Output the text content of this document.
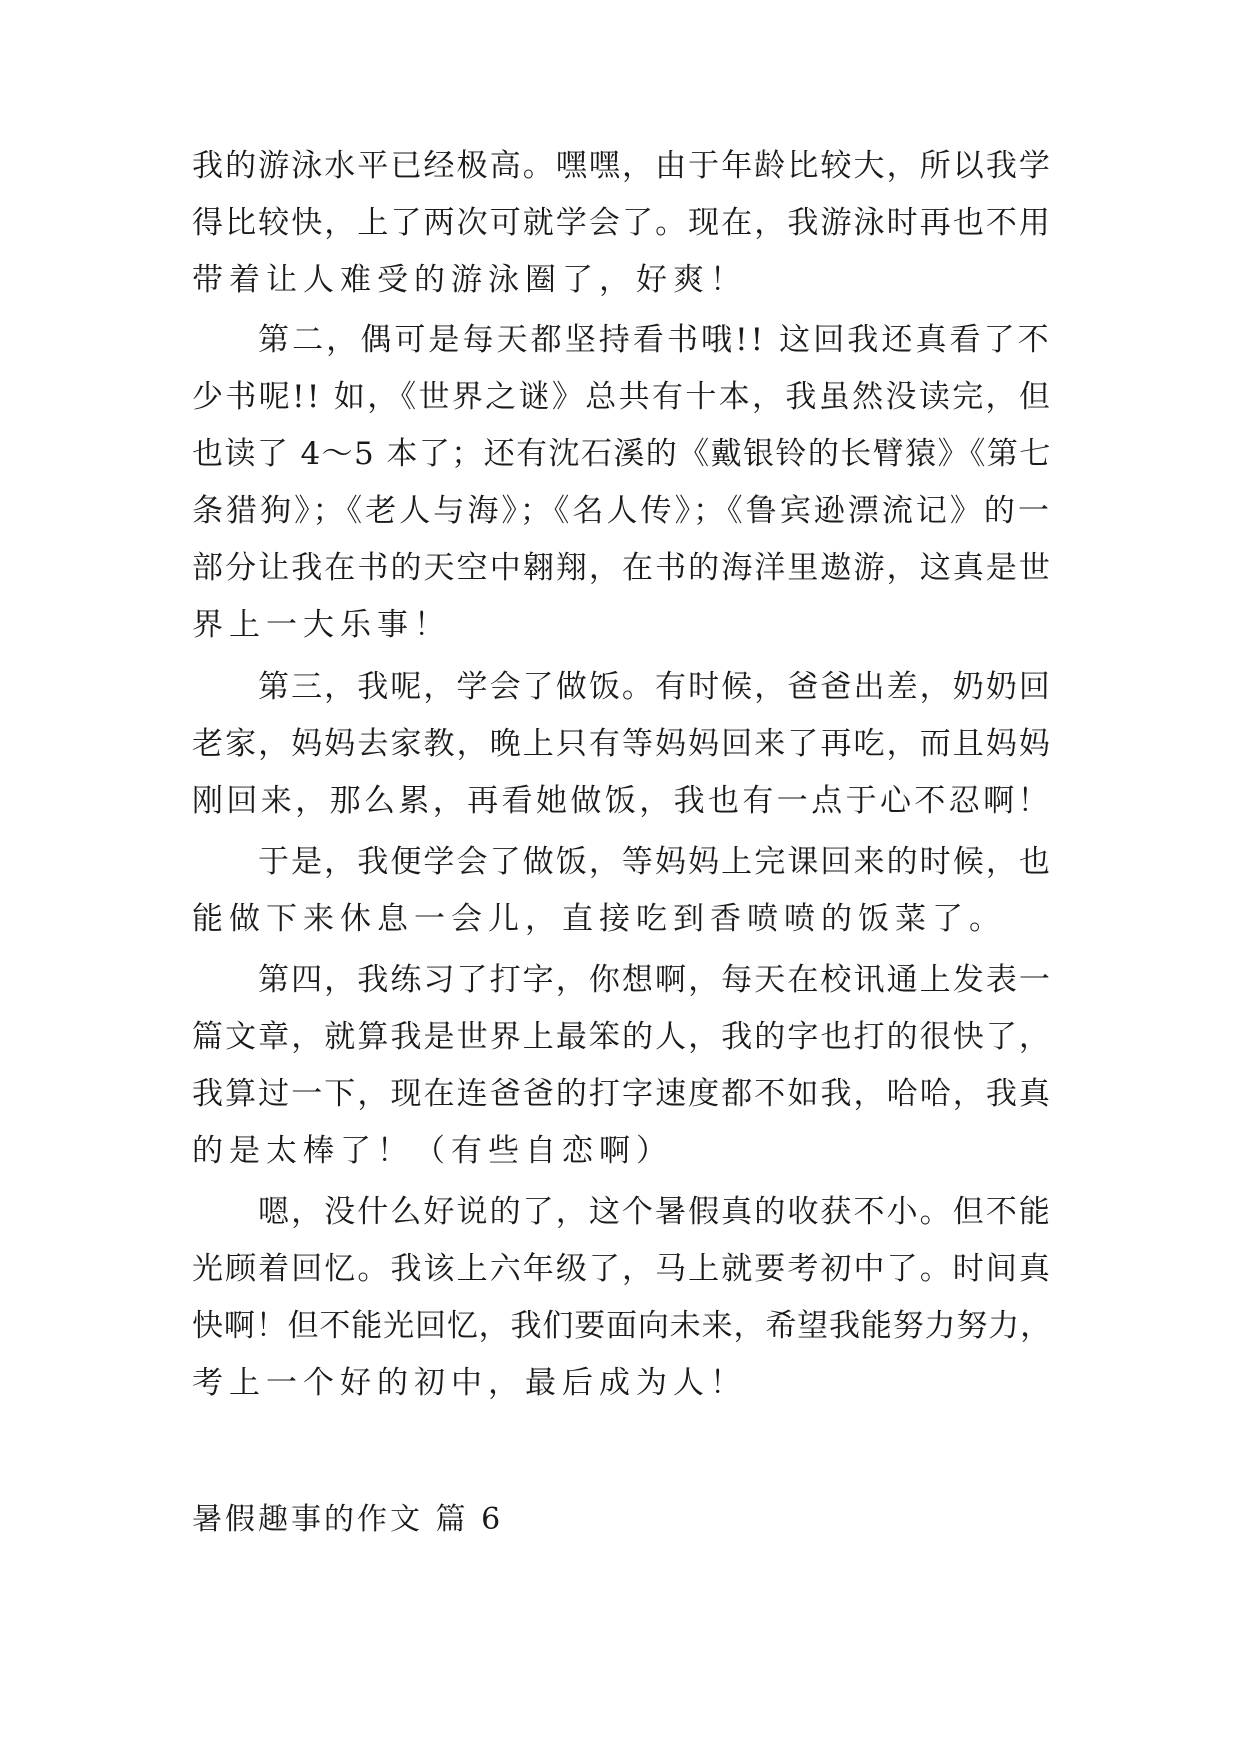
我的游泳水平已经极高。嘿嘿，由于年龄比较大，所以我学
得比较快，上了两次可就学会了。现在，我游泳时再也不用
带着让人难受的游泳圈了，好爽！
第二，偶可是每天都坚持看书哦!! 这回我还真看了不
少书呢!! 如，《世界之谜》总共有十本，我虽然没读完，但
也读了 4～5 本了；还有沈石溪的《戴银铃的长臂猿》《第七
条猎狗》；《老人与海》；《名人传》；《鲁宾逊漂流记》的一
部分让我在书的天空中翱翔，在书的海洋里遨游，这真是世
界上一大乐事！
第三，我呢，学会了做饭。有时候，爸爸出差，奶奶回
老家，妈妈去家教，晚上只有等妈妈回来了再吃，而且妈妈
刚回来，那么累，再看她做饭，我也有一点于心不忍啊！
于是，我便学会了做饭，等妈妈上完课回来的时候，也
能做下来休息一会儿，直接吃到香喷喷的饭菜了。
第四，我练习了打字，你想啊，每天在校讯通上发表一
篇文章，就算我是世界上最笨的人，我的字也打的很快了，
我算过一下，现在连爸爸的打字速度都不如我，哈哈，我真
的是太棒了！（有些自恋啊）
嗯，没什么好说的了，这个暑假真的收获不小。但不能
光顾着回忆。我该上六年级了，马上就要考初中了。时间真
快啊！但不能光回忆，我们要面向未来，希望我能努力努力，
考上一个好的初中，最后成为人！
暑假趣事的作文 篇 6
